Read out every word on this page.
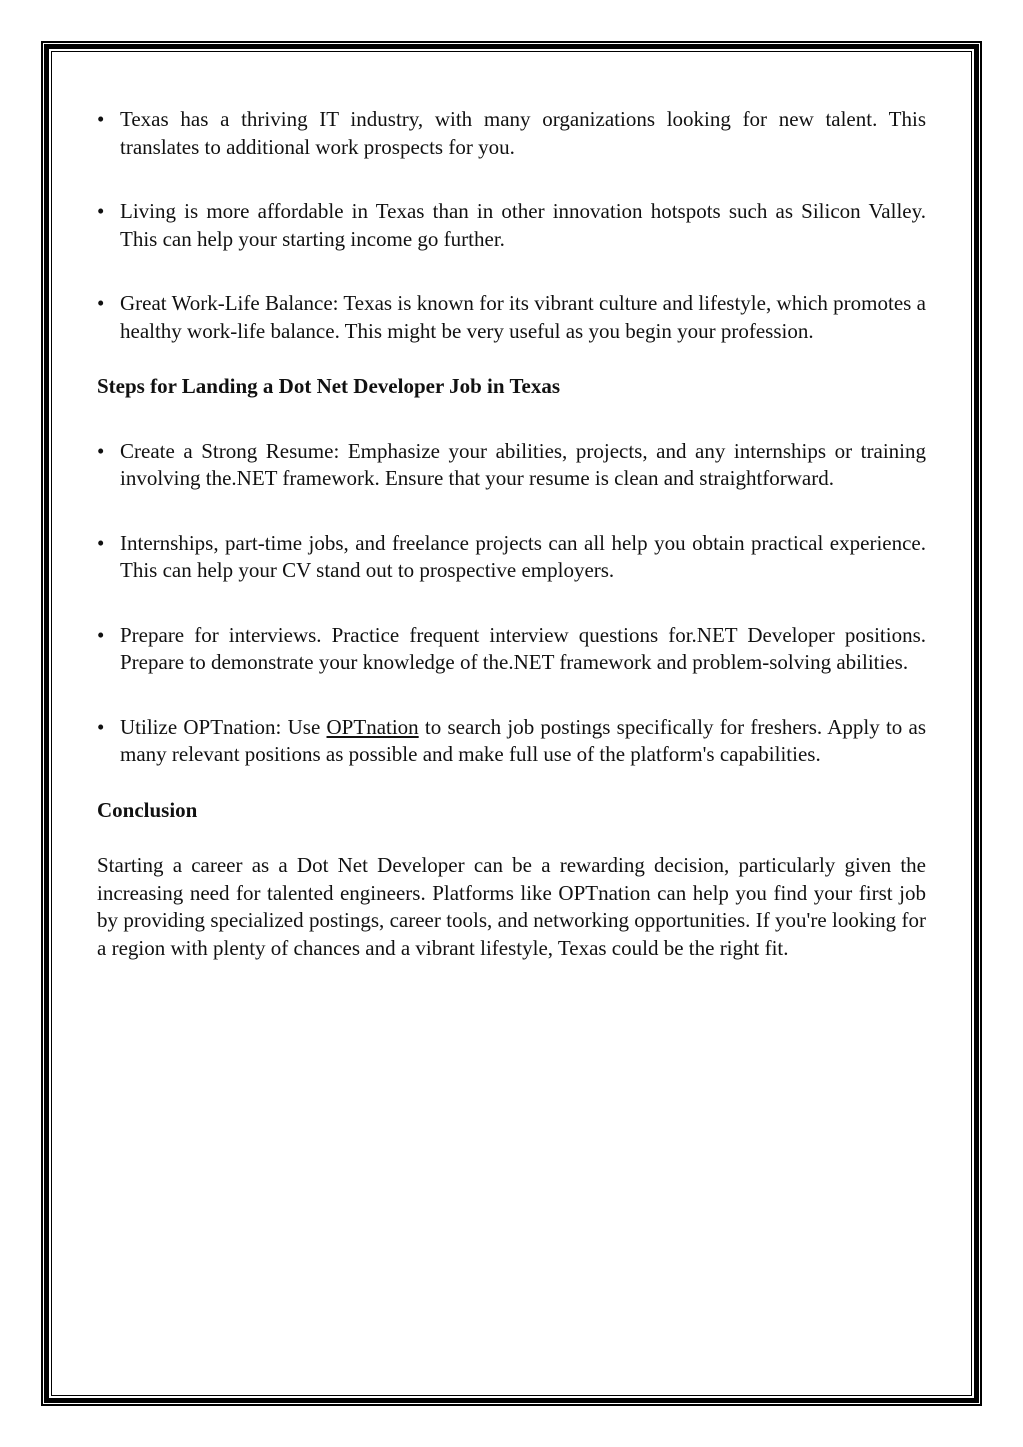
• Texas has a thriving IT industry, with many organizations looking for new talent. This translates to additional work prospects for you.

• Living is more affordable in Texas than in other innovation hotspots such as Silicon Valley. This can help your starting income go further.

• Great Work-Life Balance: Texas is known for its vibrant culture and lifestyle, which promotes a healthy work-life balance. This might be very useful as you begin your profession.

Steps for Landing a Dot Net Developer Job in Texas

• Create a Strong Resume: Emphasize your abilities, projects, and any internships or training involving the.NET framework. Ensure that your resume is clean and straightforward.

• Internships, part-time jobs, and freelance projects can all help you obtain practical experience. This can help your CV stand out to prospective employers.

• Prepare for interviews. Practice frequent interview questions for.NET Developer positions. Prepare to demonstrate your knowledge of the.NET framework and problem-solving abilities.

• Utilize OPTnation: Use OPTnation to search job postings specifically for freshers. Apply to as many relevant positions as possible and make full use of the platform's capabilities.

Conclusion

Starting a career as a Dot Net Developer can be a rewarding decision, particularly given the increasing need for talented engineers. Platforms like OPTnation can help you find your first job by providing specialized postings, career tools, and networking opportunities. If you're looking for a region with plenty of chances and a vibrant lifestyle, Texas could be the right fit.
